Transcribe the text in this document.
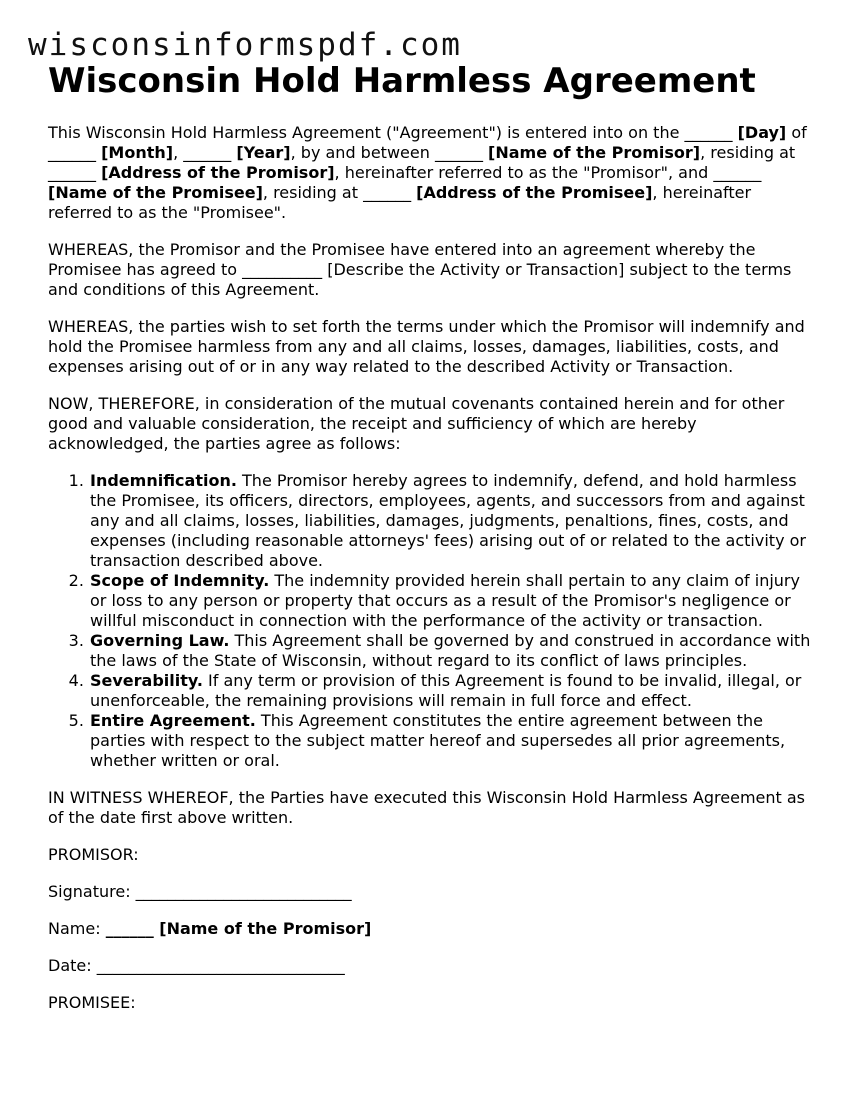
wisconsinformspdf.com
Wisconsin Hold Harmless Agreement

This Wisconsin Hold Harmless Agreement ("Agreement") is entered into on the ______ [Day] of ______ [Month], ______ [Year], by and between ______ [Name of the Promisor], residing at ______ [Address of the Promisor], hereinafter referred to as the "Promisor", and ______ [Name of the Promisee], residing at ______ [Address of the Promisee], hereinafter referred to as the "Promisee".

WHEREAS, the Promisor and the Promisee have entered into an agreement whereby the Promisee has agreed to __________ [Describe the Activity or Transaction] subject to the terms and conditions of this Agreement.

WHEREAS, the parties wish to set forth the terms under which the Promisor will indemnify and hold the Promisee harmless from any and all claims, losses, damages, liabilities, costs, and expenses arising out of or in any way related to the described Activity or Transaction.

NOW, THEREFORE, in consideration of the mutual covenants contained herein and for other good and valuable consideration, the receipt and sufficiency of which are hereby acknowledged, the parties agree as follows:

1. Indemnification. The Promisor hereby agrees to indemnify, defend, and hold harmless the Promisee, its officers, directors, employees, agents, and successors from and against any and all claims, losses, liabilities, damages, judgments, penaltions, fines, costs, and expenses (including reasonable attorneys' fees) arising out of or related to the activity or transaction described above.
2. Scope of Indemnity. The indemnity provided herein shall pertain to any claim of injury or loss to any person or property that occurs as a result of the Promisor's negligence or willful misconduct in connection with the performance of the activity or transaction.
3. Governing Law. This Agreement shall be governed by and construed in accordance with the laws of the State of Wisconsin, without regard to its conflict of laws principles.
4. Severability. If any term or provision of this Agreement is found to be invalid, illegal, or unenforceable, the remaining provisions will remain in full force and effect.
5. Entire Agreement. This Agreement constitutes the entire agreement between the parties with respect to the subject matter hereof and supersedes all prior agreements, whether written or oral.

IN WITNESS WHEREOF, the Parties have executed this Wisconsin Hold Harmless Agreement as of the date first above written.

PROMISOR:

Signature: ___________________________

Name: ______ [Name of the Promisor]

Date: _______________________________

PROMISEE:
